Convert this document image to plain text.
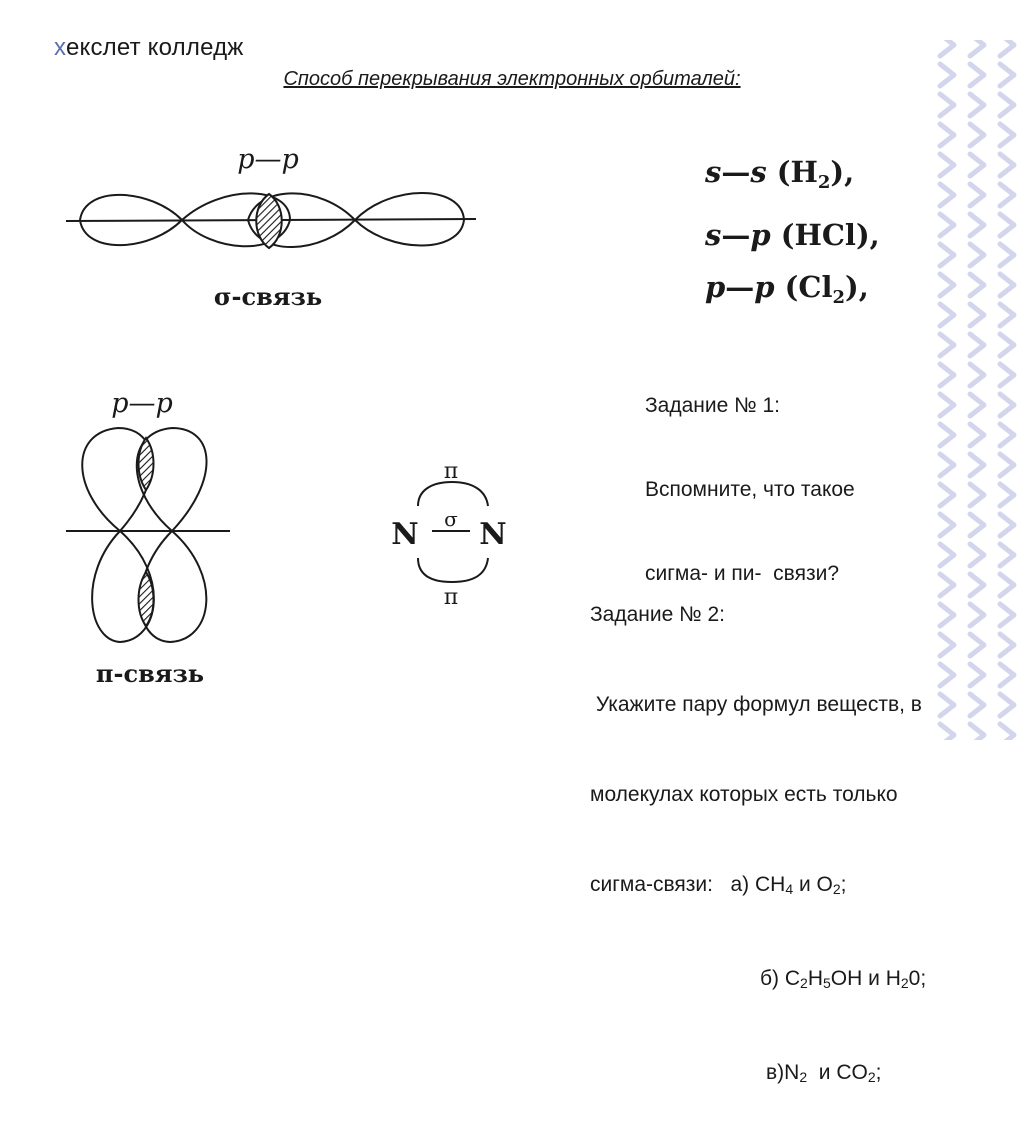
хекслет колледж
Способ перекрывания электронных орбиталей:
p—p
σ-связь
p—p
π-связь
π
σ
N N
π
s—s $(H_2)$,
s—p (HCl),
p—p $(Cl_2)$,

Задание № 1:

Вспомните, что такое

сигма- и пи-  связи?

Задание № 2:

Укажите пару формул веществ, в

молекулах которых есть только

сигма-связи:   а) $CH_4$ и $O_2$;

б) $C_2H_5OH$ и $H_20$;

$в)N_2$  и $CO_2$;
